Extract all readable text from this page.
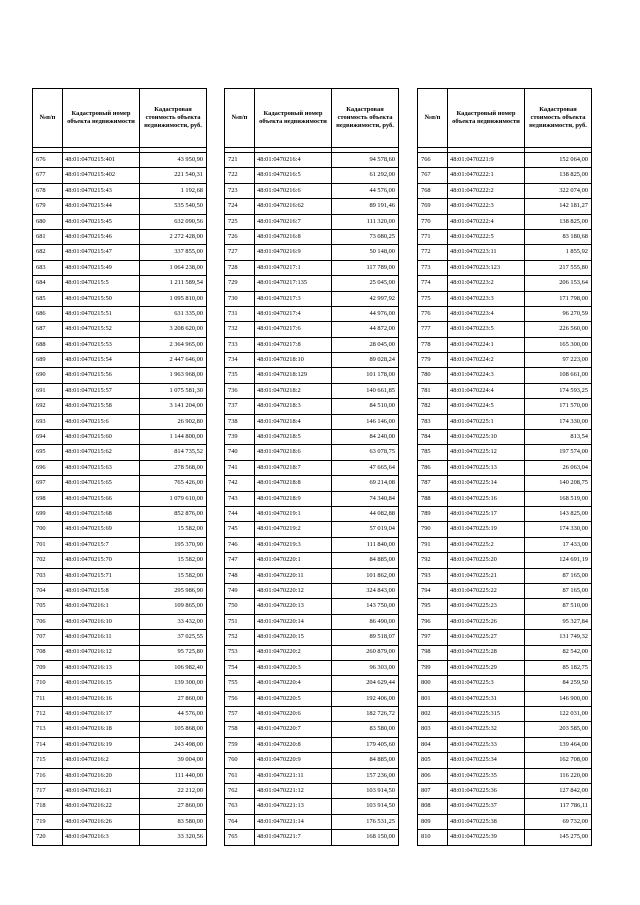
№п/п	Кадастровый номер объекта недвижимости	Кадастровая стоимость объекта недвижимости, руб.

676	48:01:0470215:401	43 950,90
677	48:01:0470215:402	221 540,31
678	48:01:0470215:43	1 192,68
679	48:01:0470215:44	535 540,50
680	48:01:0470215:45	632 090,56
681	48:01:0470215:46	2 272 428,00
682	48:01:0470215:47	337 855,00
683	48:01:0470215:49	1 064 238,00
684	48:01:0470215:5	1 211 589,54
685	48:01:0470215:50	1 095 810,00
686	48:01:0470215:51	631 335,00
687	48:01:0470215:52	3 208 620,00
688	48:01:0470215:53	2 364 965,00
689	48:01:0470215:54	2 447 646,00
690	48:01:0470215:56	1 963 968,00
691	48:01:0470215:57	1 075 581,30
692	48:01:0470215:58	3 141 204,00
693	48:01:0470215:6	26 902,80
694	48:01:0470215:60	1 144 800,00
695	48:01:0470215:62	814 735,52
696	48:01:0470215:63	278 568,00
697	48:01:0470215:65	765 426,00
698	48:01:0470215:66	1 079 610,00
699	48:01:0470215:68	852 876,00
700	48:01:0470215:69	15 582,00
701	48:01:0470215:7	195 370,90
702	48:01:0470215:70	15 582,00
703	48:01:0470215:71	15 582,00
704	48:01:0470215:8	295 986,90
705	48:01:0470216:1	109 865,00
706	48:01:0470216:10	33 432,00
707	48:01:0470216:11	37 025,55
708	48:01:0470216:12	95 725,80
709	48:01:0470216:13	106 982,40
710	48:01:0470216:15	139 300,00
711	48:01:0470216:16	27 860,00
712	48:01:0470216:17	44 576,00
713	48:01:0470216:18	105 868,00
714	48:01:0470216:19	243 498,00
715	48:01:0470216:2	39 004,00
716	48:01:0470216:20	111 440,00
717	48:01:0470216:21	22 212,00
718	48:01:0470216:22	27 860,00
719	48:01:0470216:26	83 580,00
720	48:01:0470216:3	33 320,56
№п/п	Кадастровый номер объекта недвижимости	Кадастровая стоимость объекта недвижимости, руб.

721	48:01:0470216:4	94 578,60
722	48:01:0470216:5	61 292,00
723	48:01:0470216:6	44 576,00
724	48:01:0470216:62	89 191,46
725	48:01:0470216:7	111 320,00
726	48:01:0470216:8	73 080,25
727	48:01:0470216:9	50 148,00
728	48:01:0470217:1	117 789,00
729	48:01:0470217:135	25 045,00
730	48:01:0470217:3	42 997,92
731	48:01:0470217:4	44 976,00
732	48:01:0470217:6	44 872,00
733	48:01:0470217:8	28 045,00
734	48:01:0470218:10	89 028,24
735	48:01:0470218:129	101 178,00
736	48:01:0470218:2	140 661,85
737	48:01:0470218:3	84 510,00
738	48:01:0470218:4	146 146,00
739	48:01:0470218:5	84 240,00
740	48:01:0470218:6	63 078,75
741	48:01:0470218:7	47 665,64
742	48:01:0470218:8	69 214,08
743	48:01:0470218:9	74 340,84
744	48:01:0470219:1	44 082,88
745	48:01:0470219:2	57 019,04
746	48:01:0470219:3	111 840,00
747	48:01:0470220:1	84 885,00
748	48:01:0470220:11	101 862,00
749	48:01:0470220:12	324 843,00
750	48:01:0470220:13	143 750,00
751	48:01:0470220:14	86 490,00
752	48:01:0470220:15	89 518,07
753	48:01:0470220:2	260 879,00
754	48:01:0470220:3	96 303,00
755	48:01:0470220:4	204 629,44
756	48:01:0470220:5	192 406,00
757	48:01:0470220:6	182 726,72
758	48:01:0470220:7	83 580,00
759	48:01:0470220:8	179 405,60
760	48:01:0470220:9	84 885,00
761	48:01:0470221:11	157 236,00
762	48:01:0470221:12	103 914,50
763	48:01:0470221:13	103 914,50
764	48:01:0470221:14	176 531,25
765	48:01:0470221:7	168 150,00
№п/п	Кадастровый номер объекта недвижимости	Кадастровая стоимость объекта недвижимости, руб.

766	48:01:0470221:9	152 064,00
767	48:01:0470222:1	138 825,00
768	48:01:0470222:2	322 074,00
769	48:01:0470222:3	142 181,27
770	48:01:0470222:4	138 825,00
771	48:01:0470222:5	83 180,68
772	48:01:0470223:11	1 855,92
773	48:01:0470223:123	217 555,80
774	48:01:0470223:2	206 153,64
775	48:01:0470223:3	171 798,00
776	48:01:0470223:4	96 270,59
777	48:01:0470223:5	226 560,00
778	48:01:0470224:1	165 300,00
779	48:01:0470224:2	97 223,00
780	48:01:0470224:3	108 661,00
781	48:01:0470224:4	174 593,25
782	48:01:0470224:5	171 570,00
783	48:01:0470225:1	174 330,00
784	48:01:0470225:10	813,54
785	48:01:0470225:12	197 574,00
786	48:01:0470225:13	26 063,04
787	48:01:0470225:14	140 208,75
788	48:01:0470225:16	168 519,00
789	48:01:0470225:17	143 825,00
790	48:01:0470225:19	174 330,00
791	48:01:0470225:2	17 433,00
792	48:01:0470225:20	124 691,19
793	48:01:0470225:21	87 165,00
794	48:01:0470225:22	87 165,00
795	48:01:0470225:23	87 510,00
796	48:01:0470225:26	95 327,84
797	48:01:0470225:27	131 749,32
798	48:01:0470225:28	82 542,00
799	48:01:0470225:29	85 182,75
800	48:01:0470225:3	84 259,50
801	48:01:0470225:31	146 900,00
802	48:01:0470225:315	122 031,00
803	48:01:0470225:32	203 585,00
804	48:01:0470225:33	139 464,00
805	48:01:0470225:34	162 708,00
806	48:01:0470225:35	116 220,00
807	48:01:0470225:36	127 842,00
808	48:01:0470225:37	117 786,11
809	48:01:0470225:38	69 732,00
810	48:01:0470225:39	145 275,00
